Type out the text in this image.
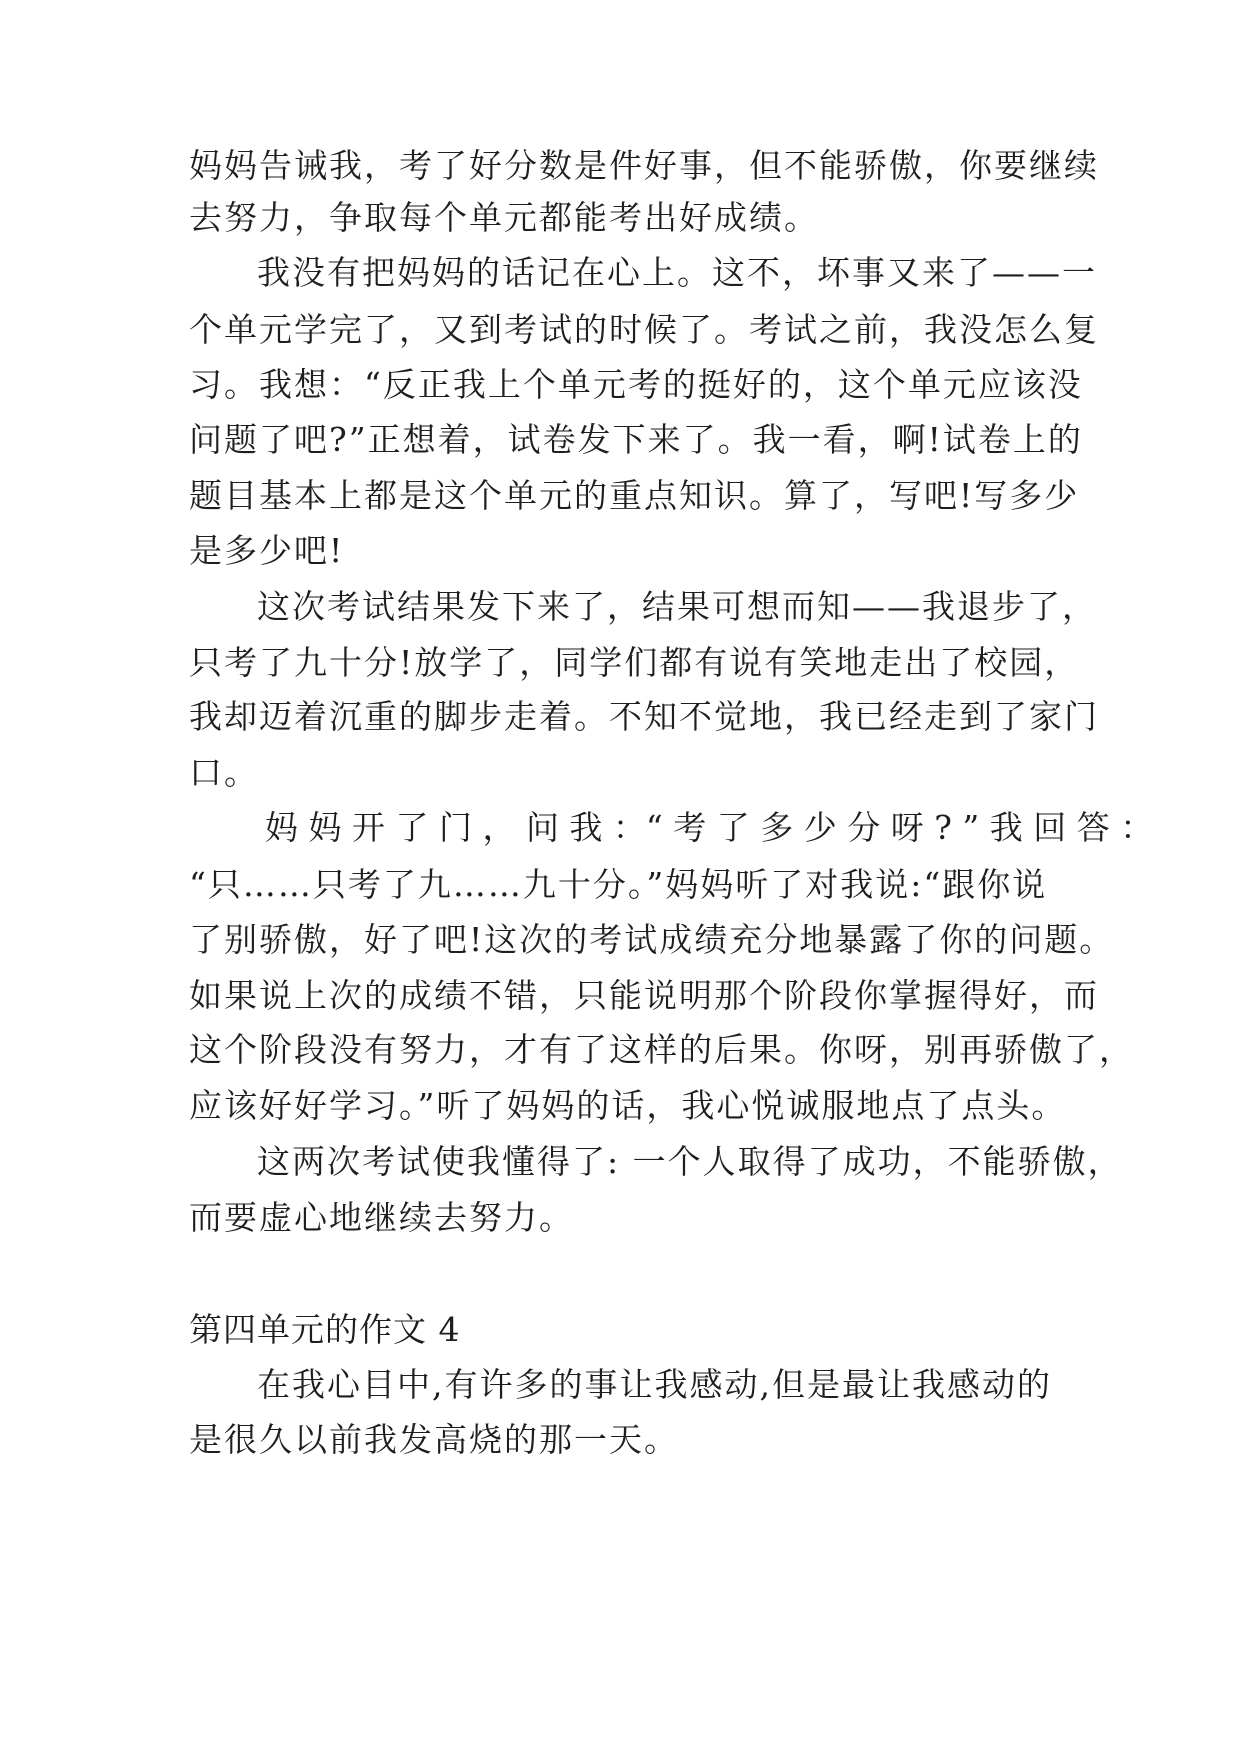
妈妈告诫我，考了好分数是件好事，但不能骄傲，你要继续
去努力，争取每个单元都能考出好成绩。
我没有把妈妈的话记在心上。这不，坏事又来了——一
个单元学完了，又到考试的时候了。考试之前，我没怎么复
习。我想：“反正我上个单元考的挺好的，这个单元应该没
问题了吧?”正想着，试卷发下来了。我一看，啊!试卷上的
题目基本上都是这个单元的重点知识。算了，写吧!写多少
是多少吧!
这次考试结果发下来了，结果可想而知——我退步了，
只考了九十分!放学了，同学们都有说有笑地走出了校园，
我却迈着沉重的脚步走着。不知不觉地，我已经走到了家门
口。
妈 妈 开 了 门 ， 问 我 ：“ 考 了 多 少 分 呀 ? ” 我 回 答 ：
“只……只考了九……九十分。”妈妈听了对我说:“跟你说
了别骄傲，好了吧!这次的考试成绩充分地暴露了你的问题。
如果说上次的成绩不错，只能说明那个阶段你掌握得好，而
这个阶段没有努力，才有了这样的后果。你呀，别再骄傲了，
应该好好学习。”听了妈妈的话，我心悦诚服地点了点头。
这两次考试使我懂得了: 一个人取得了成功，不能骄傲，
而要虚心地继续去努力。
第四单元的作文 4
在我心目中,有许多的事让我感动,但是最让我感动的
是很久以前我发高烧的那一天。
